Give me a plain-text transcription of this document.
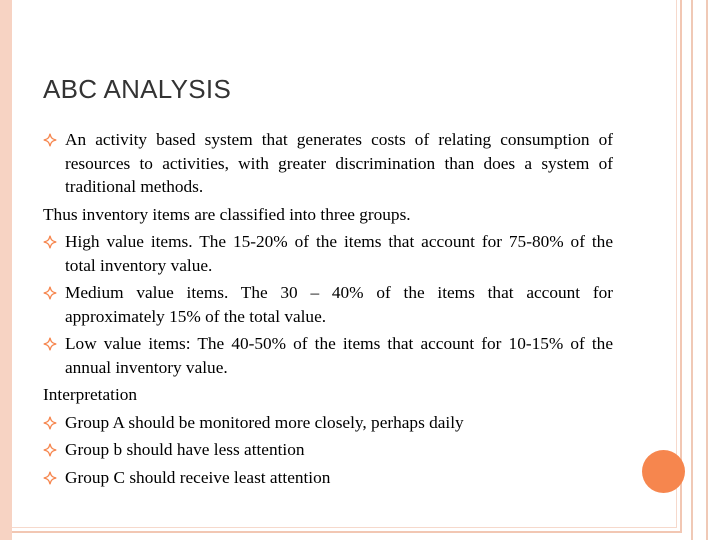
ABC ANALYSIS
An activity based system that generates costs of relating consumption of resources to activities, with greater discrimination than does a system of traditional methods.
Thus inventory items are classified into three groups.
High value items. The 15-20% of the items that account for 75-80% of the total inventory value.
Medium value items. The 30 – 40% of the items that account for approximately 15% of the total value.
Low value items: The 40-50% of the items that account for 10-15% of the annual inventory value.
Interpretation
Group A should be monitored more closely, perhaps daily
Group b should have less attention
Group C should receive least attention
